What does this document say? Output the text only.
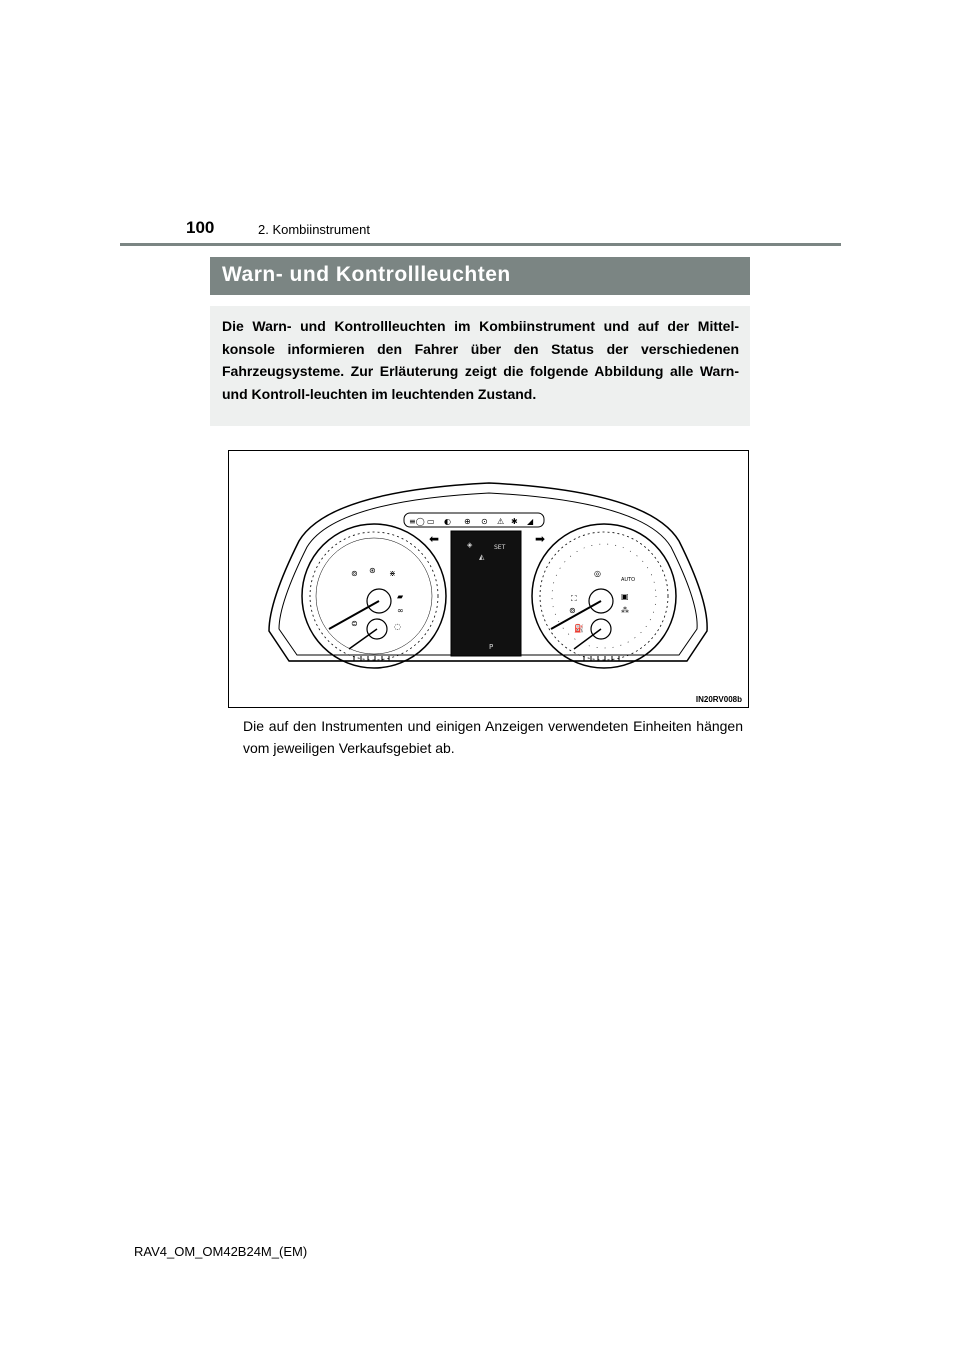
100	2. Kombiinstrument
Warn- und Kontrollleuchten

Die Warn- und Kontrollleuchten im Kombiinstrument und auf der Mittel-konsole informieren den Fahrer über den Status der verschiedenen Fahrzeugsysteme. Zur Erläuterung zeigt die folgende Abbildung alle Warn- und Kontroll-leuchten im leuchtenden Zustand.

≡◯ ▭ ◐ ⊕ ⊙ ⚠ ✱ ◢
⊚ ⊛ ⋇
▰
∞
⊜	◌
SET
◈
◭
P
⬅	➡
◎
AUTO
⛶	▣
⊚	⁂
⛽
IN20RV008b

Die auf den Instrumenten und einigen Anzeigen verwendeten Einheiten hängen vom jeweiligen Verkaufsgebiet ab.

RAV4_OM_OM42B24M_(EM)
